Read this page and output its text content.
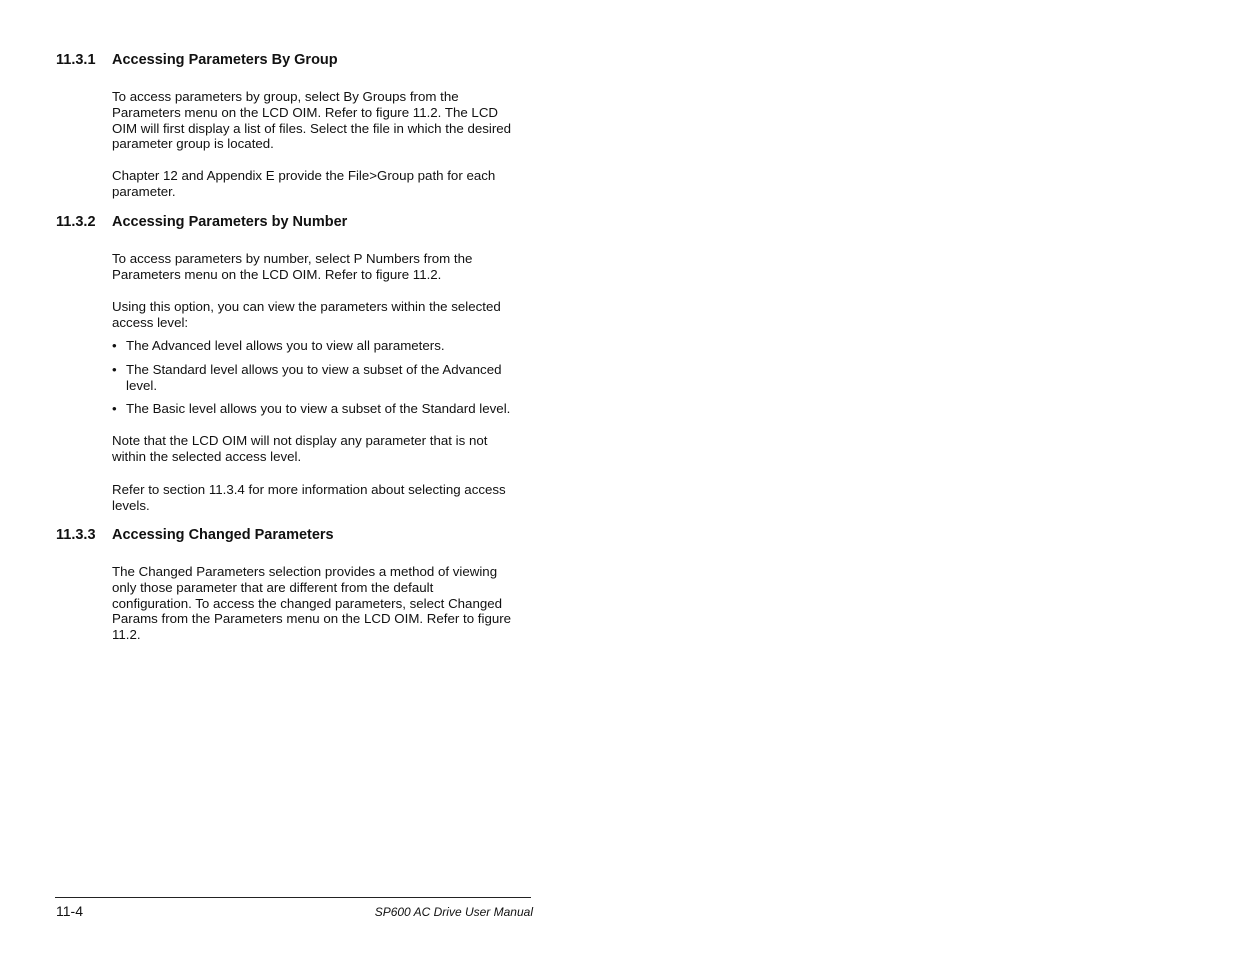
11.3.1 Accessing Parameters By Group
To access parameters by group, select By Groups from the
Parameters menu on the LCD OIM. Refer to figure 11.2. The LCD
OIM will first display a list of files. Select the file in which the desired
parameter group is located.
Chapter 12 and Appendix E provide the File>Group path for each
parameter.
11.3.2 Accessing Parameters by Number
To access parameters by number, select P Numbers from the
Parameters menu on the LCD OIM. Refer to figure 11.2.
Using this option, you can view the parameters within the selected
access level:
• The Advanced level allows you to view all parameters.
• The Standard level allows you to view a subset of the Advanced
level.
• The Basic level allows you to view a subset of the Standard level.
Note that the LCD OIM will not display any parameter that is not
within the selected access level.
Refer to section 11.3.4 for more information about selecting access
levels.
11.3.3 Accessing Changed Parameters
The Changed Parameters selection provides a method of viewing
only those parameter that are different from the default
configuration. To access the changed parameters, select Changed
Params from the Parameters menu on the LCD OIM. Refer to figure
11.2.
11-4	SP600 AC Drive User Manual
